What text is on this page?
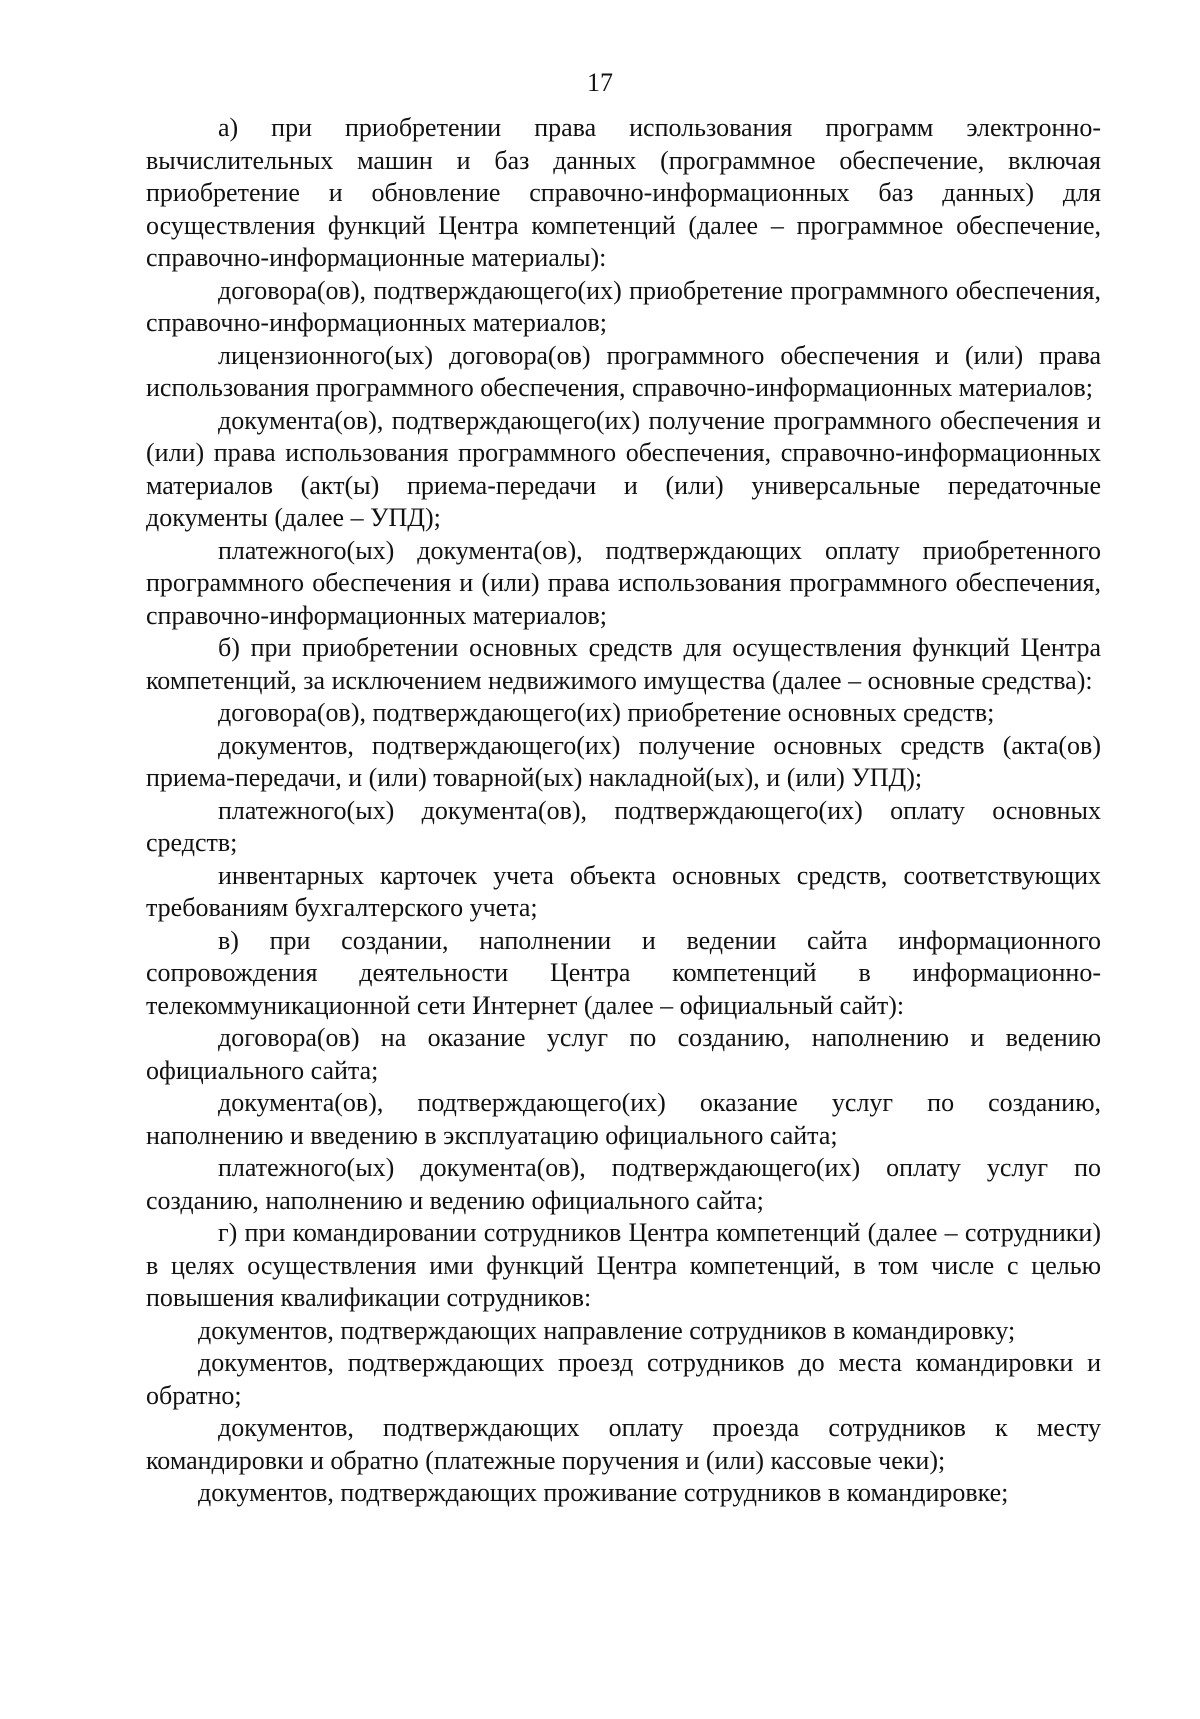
17

а) при приобретении права использования программ электронно-вычислительных машин и баз данных (программное обеспечение, включая приобретение и обновление справочно-информационных баз данных) для осуществления функций Центра компетенций (далее – программное обеспечение, справочно-информационные материалы):

договора(ов), подтверждающего(их) приобретение программного обеспечения, справочно-информационных материалов;

лицензионного(ых) договора(ов) программного обеспечения и (или) права использования программного обеспечения, справочно-информационных материалов;

документа(ов), подтверждающего(их) получение программного обеспечения и (или) права использования программного обеспечения, справочно-информационных материалов (акт(ы) приема-передачи и (или) универсальные передаточные документы (далее – УПД);

платежного(ых) документа(ов), подтверждающих оплату приобретенного программного обеспечения и (или) права использования программного обеспечения, справочно-информационных материалов;

б) при приобретении основных средств для осуществления функций Центра компетенций, за исключением недвижимого имущества (далее – основные средства):

договора(ов), подтверждающего(их) приобретение основных средств;

документов, подтверждающего(их) получение основных средств (акта(ов) приема-передачи, и (или) товарной(ых) накладной(ых), и (или) УПД);

платежного(ых) документа(ов), подтверждающего(их) оплату основных средств;

инвентарных карточек учета объекта основных средств, соответствующих требованиям бухгалтерского учета;

в) при создании, наполнении и ведении сайта информационного сопровождения деятельности Центра компетенций в информационно-телекоммуникационной сети Интернет (далее – официальный сайт):

договора(ов) на оказание услуг по созданию, наполнению и ведению официального сайта;

документа(ов), подтверждающего(их) оказание услуг по созданию, наполнению и введению в эксплуатацию официального сайта;

платежного(ых) документа(ов), подтверждающего(их) оплату услуг по созданию, наполнению и ведению официального сайта;

г) при командировании сотрудников Центра компетенций (далее – сотрудники) в целях осуществления ими функций Центра компетенций, в том числе с целью повышения квалификации сотрудников:

документов, подтверждающих направление сотрудников в командировку;

документов, подтверждающих проезд сотрудников до места командировки и обратно;

документов, подтверждающих оплату проезда сотрудников к месту командировки и обратно (платежные поручения и (или) кассовые чеки);

документов, подтверждающих проживание сотрудников в командировке;
